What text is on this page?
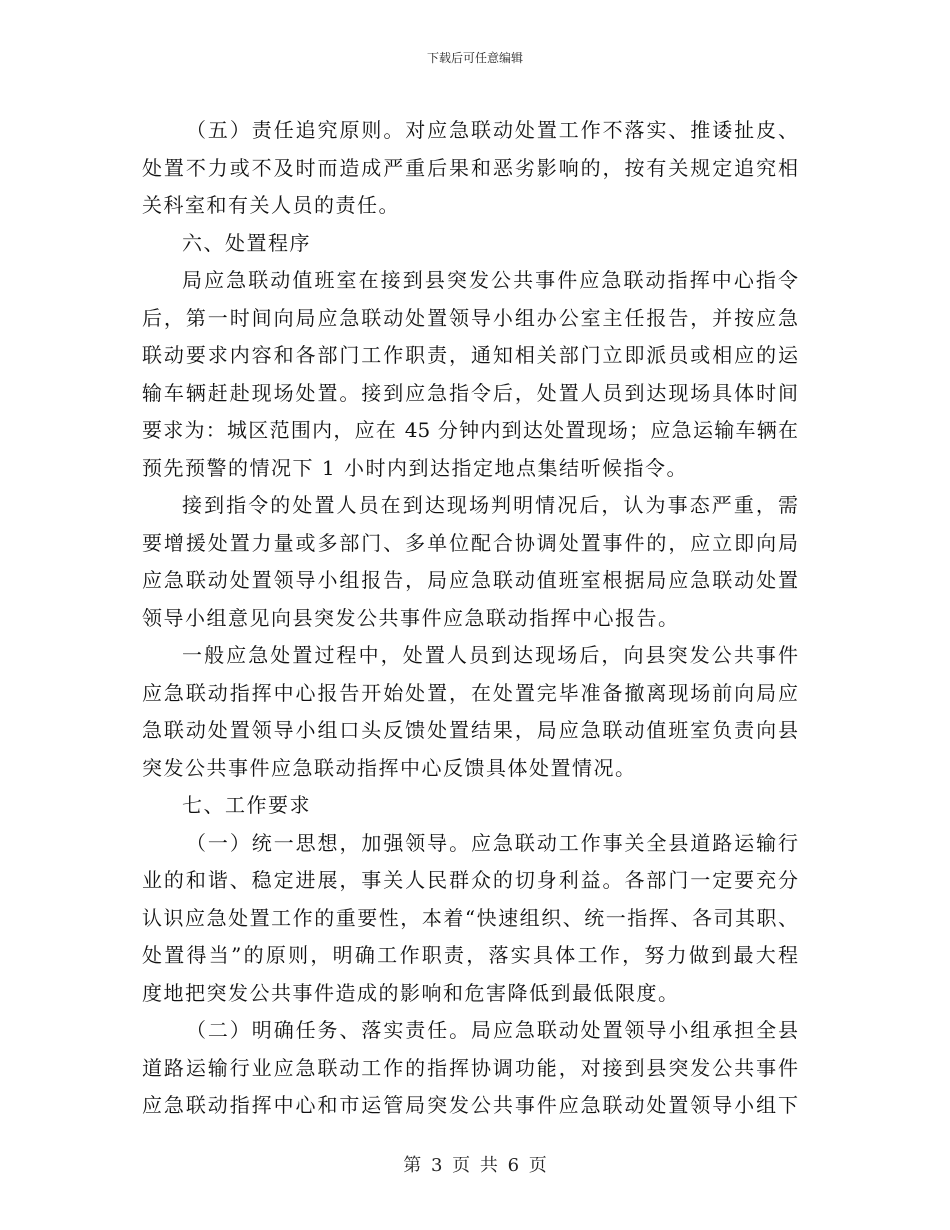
下载后可任意编辑
（五）责任追究原则。对应急联动处置工作不落实、推诿扯皮、
处置不力或不及时而造成严重后果和恶劣影响的，按有关规定追究相
关科室和有关人员的责任。
六、处置程序
局应急联动值班室在接到县突发公共事件应急联动指挥中心指令
后，第一时间向局应急联动处置领导小组办公室主任报告，并按应急
联动要求内容和各部门工作职责，通知相关部门立即派员或相应的运
输车辆赶赴现场处置。接到应急指令后，处置人员到达现场具体时间
要求为：城区范围内，应在 45 分钟内到达处置现场；应急运输车辆在
预先预警的情况下 1 小时内到达指定地点集结听候指令。
接到指令的处置人员在到达现场判明情况后，认为事态严重，需
要增援处置力量或多部门、多单位配合协调处置事件的，应立即向局
应急联动处置领导小组报告，局应急联动值班室根据局应急联动处置
领导小组意见向县突发公共事件应急联动指挥中心报告。
一般应急处置过程中，处置人员到达现场后，向县突发公共事件
应急联动指挥中心报告开始处置，在处置完毕准备撤离现场前向局应
急联动处置领导小组口头反馈处置结果，局应急联动值班室负责向县
突发公共事件应急联动指挥中心反馈具体处置情况。
七、工作要求
（一）统一思想，加强领导。应急联动工作事关全县道路运输行
业的和谐、稳定进展，事关人民群众的切身利益。各部门一定要充分
认识应急处置工作的重要性，本着“快速组织、统一指挥、各司其职、
处置得当”的原则，明确工作职责，落实具体工作，努力做到最大程
度地把突发公共事件造成的影响和危害降低到最低限度。
（二）明确任务、落实责任。局应急联动处置领导小组承担全县
道路运输行业应急联动工作的指挥协调功能，对接到县突发公共事件
应急联动指挥中心和市运管局突发公共事件应急联动处置领导小组下
第 3 页 共 6 页
